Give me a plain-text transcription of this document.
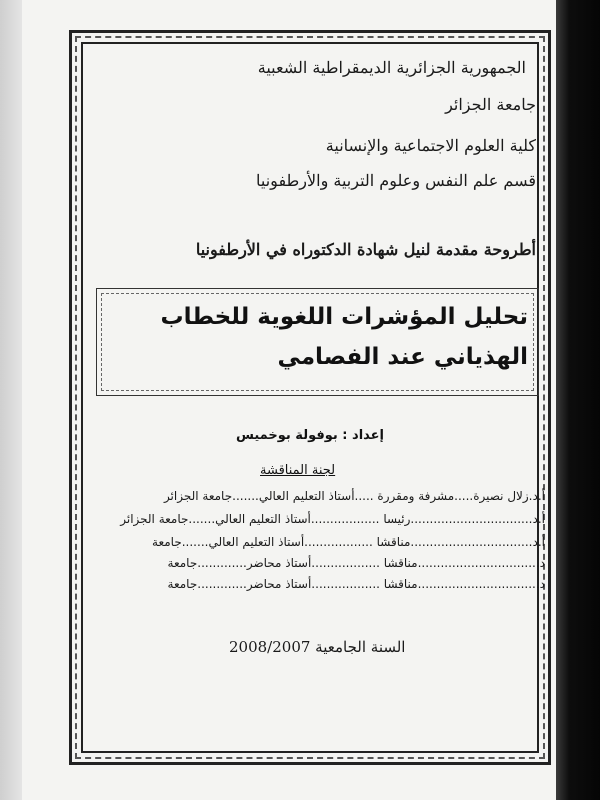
الجمهورية الجزائرية الديمقراطية الشعبية

جامعة الجزائر

كلية العلوم الاجتماعية والإنسانية

قسم علم النفس وعلوم التربية والأرطفونيا

أطروحة مقدمة لنيل شهادة الدكتوراه في الأرطفونيا

تحليل المؤشرات اللغوية للخطاب الهذياني عند الفصامي

إعداد : بوفولة بوخميس
لجنة المناقشة
أ.د.زلال نصيرة.....مشرفة ومقررة .....أستاذ التعليم العالي.......جامعة الجزائر
أ.د................................رئيسا ..................أستاذ التعليم العالي.......جامعة الجزائر
أ.د................................مناقشا ..................أستاذ التعليم العالي.......جامعة
د................................مناقشا ..................أستاذ محاضر.............جامعة
د................................مناقشا ..................أستاذ محاضر.............جامعة
السنة الجامعية 2008/2007
